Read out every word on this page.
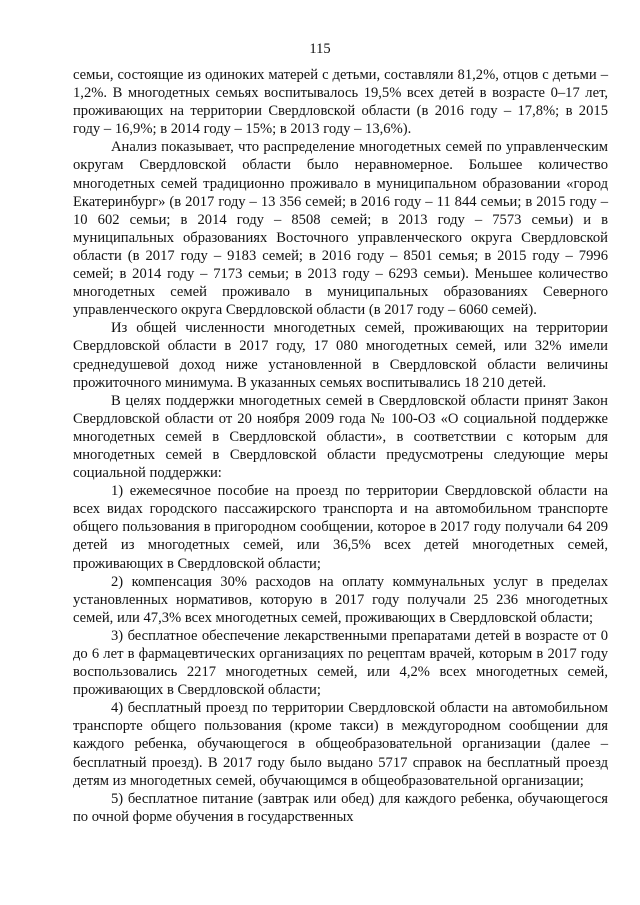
115

семьи, состоящие из одиноких матерей с детьми, составляли 81,2%, отцов с детьми – 1,2%. В многодетных семьях воспитывалось 19,5% всех детей в возрасте 0–17 лет, проживающих на территории Свердловской области (в 2016 году – 17,8%; в 2015 году – 16,9%; в 2014 году – 15%; в 2013 году – 13,6%).

Анализ показывает, что распределение многодетных семей по управленческим округам Свердловской области было неравномерное. Большее количество многодетных семей традиционно проживало в муниципальном образовании «город Екатеринбург» (в 2017 году – 13 356 семей; в 2016 году – 11 844 семьи; в 2015 году – 10 602 семьи; в 2014 году – 8508 семей; в 2013 году – 7573 семьи) и в муниципальных образованиях Восточного управленческого округа Свердловской области (в 2017 году – 9183 семей; в 2016 году – 8501 семья; в 2015 году – 7996 семей; в 2014 году – 7173 семьи; в 2013 году – 6293 семьи). Меньшее количество многодетных семей проживало в муниципальных образованиях Северного управленческого округа Свердловской области (в 2017 году – 6060 семей).

Из общей численности многодетных семей, проживающих на территории Свердловской области в 2017 году, 17 080 многодетных семей, или 32% имели среднедушевой доход ниже установленной в Свердловской области величины прожиточного минимума. В указанных семьях воспитывались 18 210 детей.

В целях поддержки многодетных семей в Свердловской области принят Закон Свердловской области от 20 ноября 2009 года № 100-ОЗ «О социальной поддержке многодетных семей в Свердловской области», в соответствии с которым для многодетных семей в Свердловской области предусмотрены следующие меры социальной поддержки:

1) ежемесячное пособие на проезд по территории Свердловской области на всех видах городского пассажирского транспорта и на автомобильном транспорте общего пользования в пригородном сообщении, которое в 2017 году получали 64 209 детей из многодетных семей, или 36,5% всех детей многодетных семей, проживающих в Свердловской области;

2) компенсация 30% расходов на оплату коммунальных услуг в пределах установленных нормативов, которую в 2017 году получали 25 236 многодетных семей, или 47,3% всех многодетных семей, проживающих в Свердловской области;

3) бесплатное обеспечение лекарственными препаратами детей в возрасте от 0 до 6 лет в фармацевтических организациях по рецептам врачей, которым в 2017 году воспользовались 2217 многодетных семей, или 4,2% всех многодетных семей, проживающих в Свердловской области;

4) бесплатный проезд по территории Свердловской области на автомобильном транспорте общего пользования (кроме такси) в междугородном сообщении для каждого ребенка, обучающегося в общеобразовательной организации (далее – бесплатный проезд). В 2017 году было выдано 5717 справок на бесплатный проезд детям из многодетных семей, обучающимся в общеобразовательной организации;

5) бесплатное питание (завтрак или обед) для каждого ребенка, обучающегося по очной форме обучения в государственных
